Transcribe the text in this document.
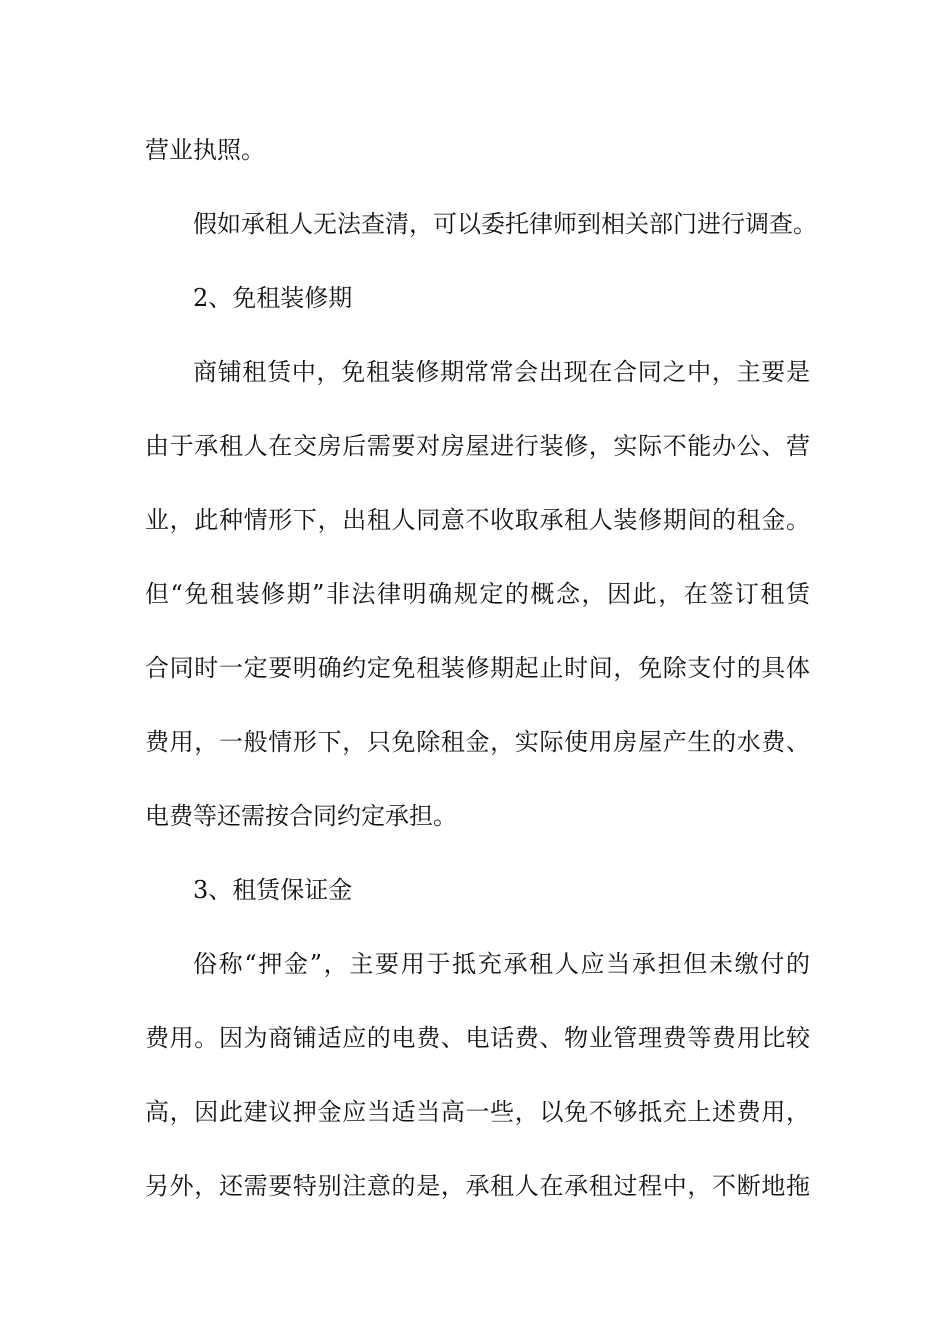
营业执照。
假如承租人无法查清，可以委托律师到相关部门进行调查。
2、免租装修期
商铺租赁中，免租装修期常常会出现在合同之中，主要是
由于承租人在交房后需要对房屋进行装修，实际不能办公、营
业，此种情形下，出租人同意不收取承租人装修期间的租金。
但“免租装修期”非法律明确规定的概念，因此，在签订租赁
合同时一定要明确约定免租装修期起止时间，免除支付的具体
费用，一般情形下，只免除租金，实际使用房屋产生的水费、
电费等还需按合同约定承担。
3、租赁保证金
俗称“押金”，主要用于抵充承租人应当承担但未缴付的
费用。因为商铺适应的电费、电话费、物业管理费等费用比较
高，因此建议押金应当适当高一些，以免不够抵充上述费用，
另外，还需要特别注意的是，承租人在承租过程中，不断地拖
